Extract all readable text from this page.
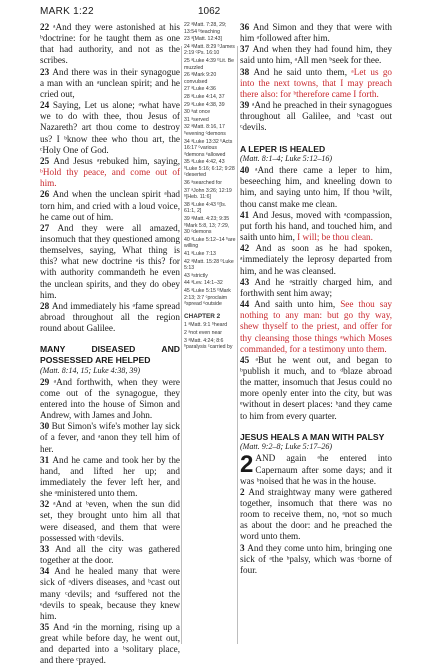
MARK 1:22	1062

22 ᵃAnd they were astonished at his ᵇdoctrine: for he taught them as one that had authority, and not as the scribes.

23 And there was in their synagogue a man with an ᵃunclean spirit; and he cried out,

24 Saying, Let us alone; ᵃwhat have we to do with thee, thou Jesus of Nazareth? art thou come to destroy us? I ᵇknow thee who thou art, the ᶜHoly One of God.

25 And Jesus ᵃrebuked him, saying, ᵇHold thy peace, and come out of him.

26 And when the unclean spirit ᵃhad torn him, and cried with a loud voice, he came out of him.

27 And they were all amazed, insomuch that they questioned among themselves, saying, What thing is this? what new doctrine ᵃis this? for with authority commandeth he even the unclean spirits, and they do obey him.

28 And immediately his ᵃfame spread abroad throughout all the region round about Galilee.

MANY DISEASED AND POSSESSED ARE HELPED
(Matt. 8:14, 15; Luke 4:38, 39)

29 ᵃAnd forthwith, when they were come out of the synagogue, they entered into the house of Simon and Andrew, with James and John.

30 But Simon's wife's mother lay sick of a fever, and ᵃanon they tell him of her.

31 And he came and took her by the hand, and lifted her up; and immediately the fever left her, and she ᵃministered unto them.

32 ᵃAnd at ᵇeven, when the sun did set, they brought unto him all that were diseased, and them that were possessed with ᶜdevils.

33 And all the city was gathered together at the door.

34 And he healed many that were sick of ᵃdivers diseases, and ᵇcast out many ᶜdevils; and ᵈsuffered not the ᵉdevils to speak, because they knew him.

35 And ᵃin the morning, rising up a great while before day, he went out, and departed into a ᵇsolitary place, and there ᶜprayed.

22 ᵃMatt. 7:28, 29; 13:54 ᵇteaching
23 ᵃ[Matt. 12:43]
24 ᵃMatt. 8:29 ᵇJames 2:19 ᶜPs. 16:10
25 ᵃLuke 4:39 ᵇLit. Be muzzled
26 ᵃMark 9:20 convulsed
27 ᵃLuke 4:36
28 ᵃLuke 4:14, 37
29 ᵃLuke 4:38, 39
30 ᵃat once
31 ᵃserved
32 ᵃMatt. 8:16, 17 ᵇevening ᶜdemons
34 ᵃLuke 13:32 ᵇActs 16:17 ᶜvarious ᵈdemons ᵉallowed
35 ᵃLuke 4:42, 43 ᵇLuke 5:16; 6:12; 9:28 ᶜdeserted
36 ᵃsearched for
37 ᵃJohn 3:26; 12:19 ᵇ[Heb. 11:6]
38 ᵃLuke 4:43 ᵇ[Is. 61:1, 2]
39 ᵃMatt. 4:23; 9:35 ᵇMark 5:8, 13; 7:29, 30 ᶜdemons
40 ᵃLuke 5:12–14 ᵇare willing
41 ᵃLuke 7:13
42 ᵃMatt. 15:28 ᵇLuke 5:13
43 ᵃstrictly
44 ᵃLev. 14:1–32
45 ᵃLuke 5:15 ᵇMark 2:13; 3:7 ᶜproclaim ᵈspread ᵉoutside
CHAPTER 2
1 ᵃMatt. 9:1 ᵇheard
2 ᵃnot even near
3 ᵃMatt. 4:24; 8:6 ᵇparalysis ᶜcarried by

36 And Simon and they that were with him ᵃfollowed after him.

37 And when they had found him, they said unto him, ᵃAll men ᵇseek for thee.

38 And he said unto them, ᵃLet us go into the next towns, that I may preach there also: for ᵇtherefore came I forth.

39 ᵃAnd he preached in their synagogues throughout all Galilee, and ᵇcast out ᶜdevils.

A LEPER IS HEALED
(Matt. 8:1–4; Luke 5:12–16)

40 ᵃAnd there came a leper to him, beseeching him, and kneeling down to him, and saying unto him, If thou ᵇwilt, thou canst make me clean.

41 And Jesus, moved with ᵃcompassion, put forth his hand, and touched him, and saith unto him, I will; be thou clean.

42 And as soon as he had spoken, ᵃimmediately the leprosy departed from him, and he was cleansed.

43 And he ᵃstraitly charged him, and forthwith sent him away;

44 And saith unto him, See thou say nothing to any man: but go thy way, shew thyself to the priest, and offer for thy cleansing those things ᵃwhich Moses commanded, for a testimony unto them.

45 ᵃBut he went out, and began to ᵇpublish it much, and to ᵈblaze abroad the matter, insomuch that Jesus could no more openly enter into the city, but was ᵉwithout in desert places: ᵇand they came to him from every quarter.

JESUS HEALS A MAN WITH PALSY
(Matt. 9:2–8; Luke 5:17–26)

2 AND again ᵃhe entered into Capernaum after some days; and it was ᵇnoised that he was in the house.

2 And straightway many were gathered together, insomuch that there was no room to receive them, no, ᵃnot so much as about the door: and he preached the word unto them.

3 And they come unto him, bringing one sick of ᵃthe ᵇpalsy, which was ᶜborne of four.
